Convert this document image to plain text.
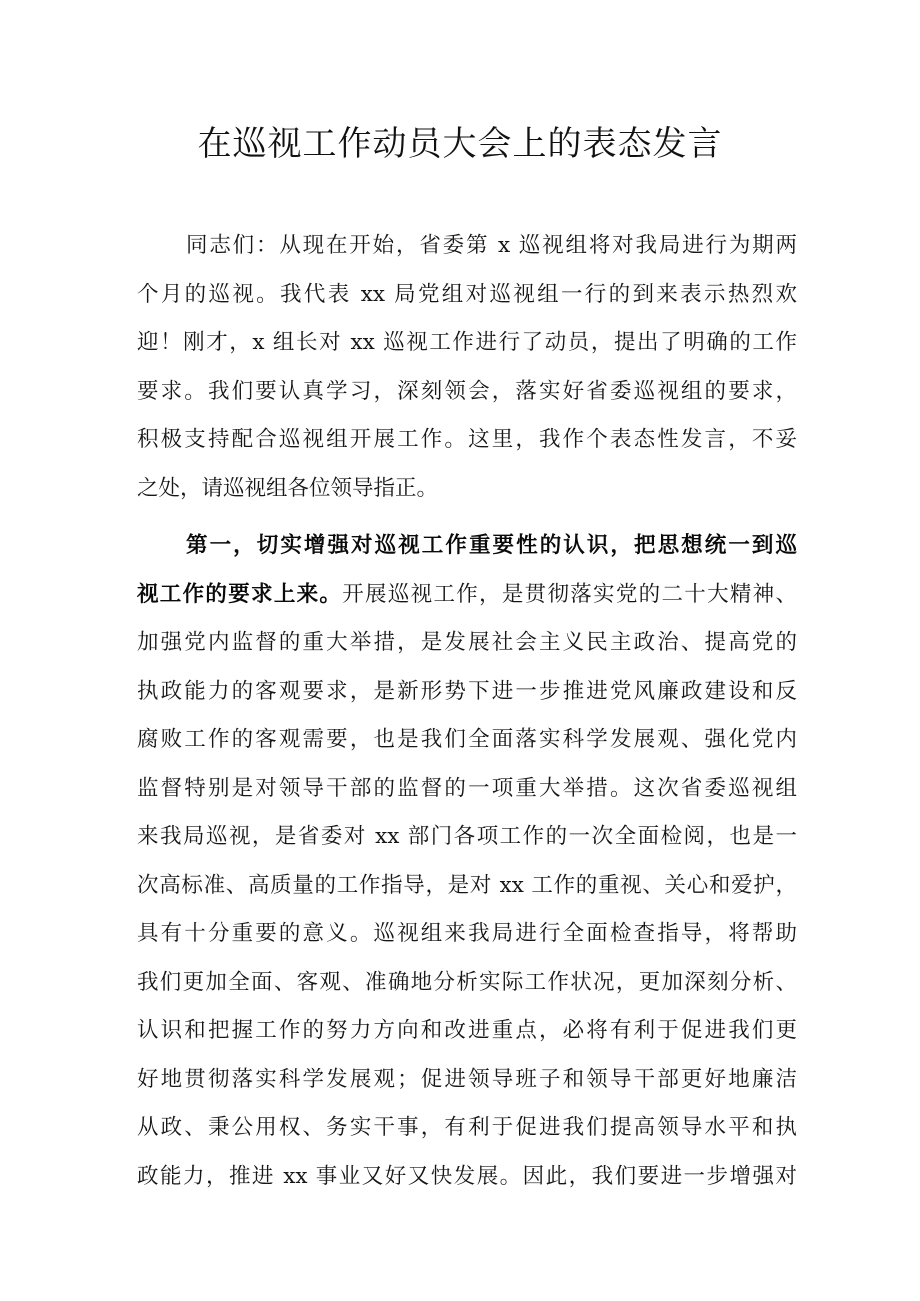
在巡视工作动员大会上的表态发言
同志们：从现在开始，省委第 x 巡视组将对我局进行为期两
个月的巡视。我代表 xx 局党组对巡视组一行的到来表示热烈欢
迎！刚才，x 组长对 xx 巡视工作进行了动员，提出了明确的工作
要求。我们要认真学习，深刻领会，落实好省委巡视组的要求，
积极支持配合巡视组开展工作。这里，我作个表态性发言，不妥
之处，请巡视组各位领导指正。
第一，切实增强对巡视工作重要性的认识，把思想统一到巡
视工作的要求上来。开展巡视工作，是贯彻落实党的二十大精神、
加强党内监督的重大举措，是发展社会主义民主政治、提高党的
执政能力的客观要求，是新形势下进一步推进党风廉政建设和反
腐败工作的客观需要，也是我们全面落实科学发展观、强化党内
监督特别是对领导干部的监督的一项重大举措。这次省委巡视组
来我局巡视，是省委对 xx 部门各项工作的一次全面检阅，也是一
次高标准、高质量的工作指导，是对 xx 工作的重视、关心和爱护，
具有十分重要的意义。巡视组来我局进行全面检查指导，将帮助
我们更加全面、客观、准确地分析实际工作状况，更加深刻分析、
认识和把握工作的努力方向和改进重点，必将有利于促进我们更
好地贯彻落实科学发展观；促进领导班子和领导干部更好地廉洁
从政、秉公用权、务实干事，有利于促进我们提高领导水平和执
政能力，推进 xx 事业又好又快发展。因此，我们要进一步增强对
